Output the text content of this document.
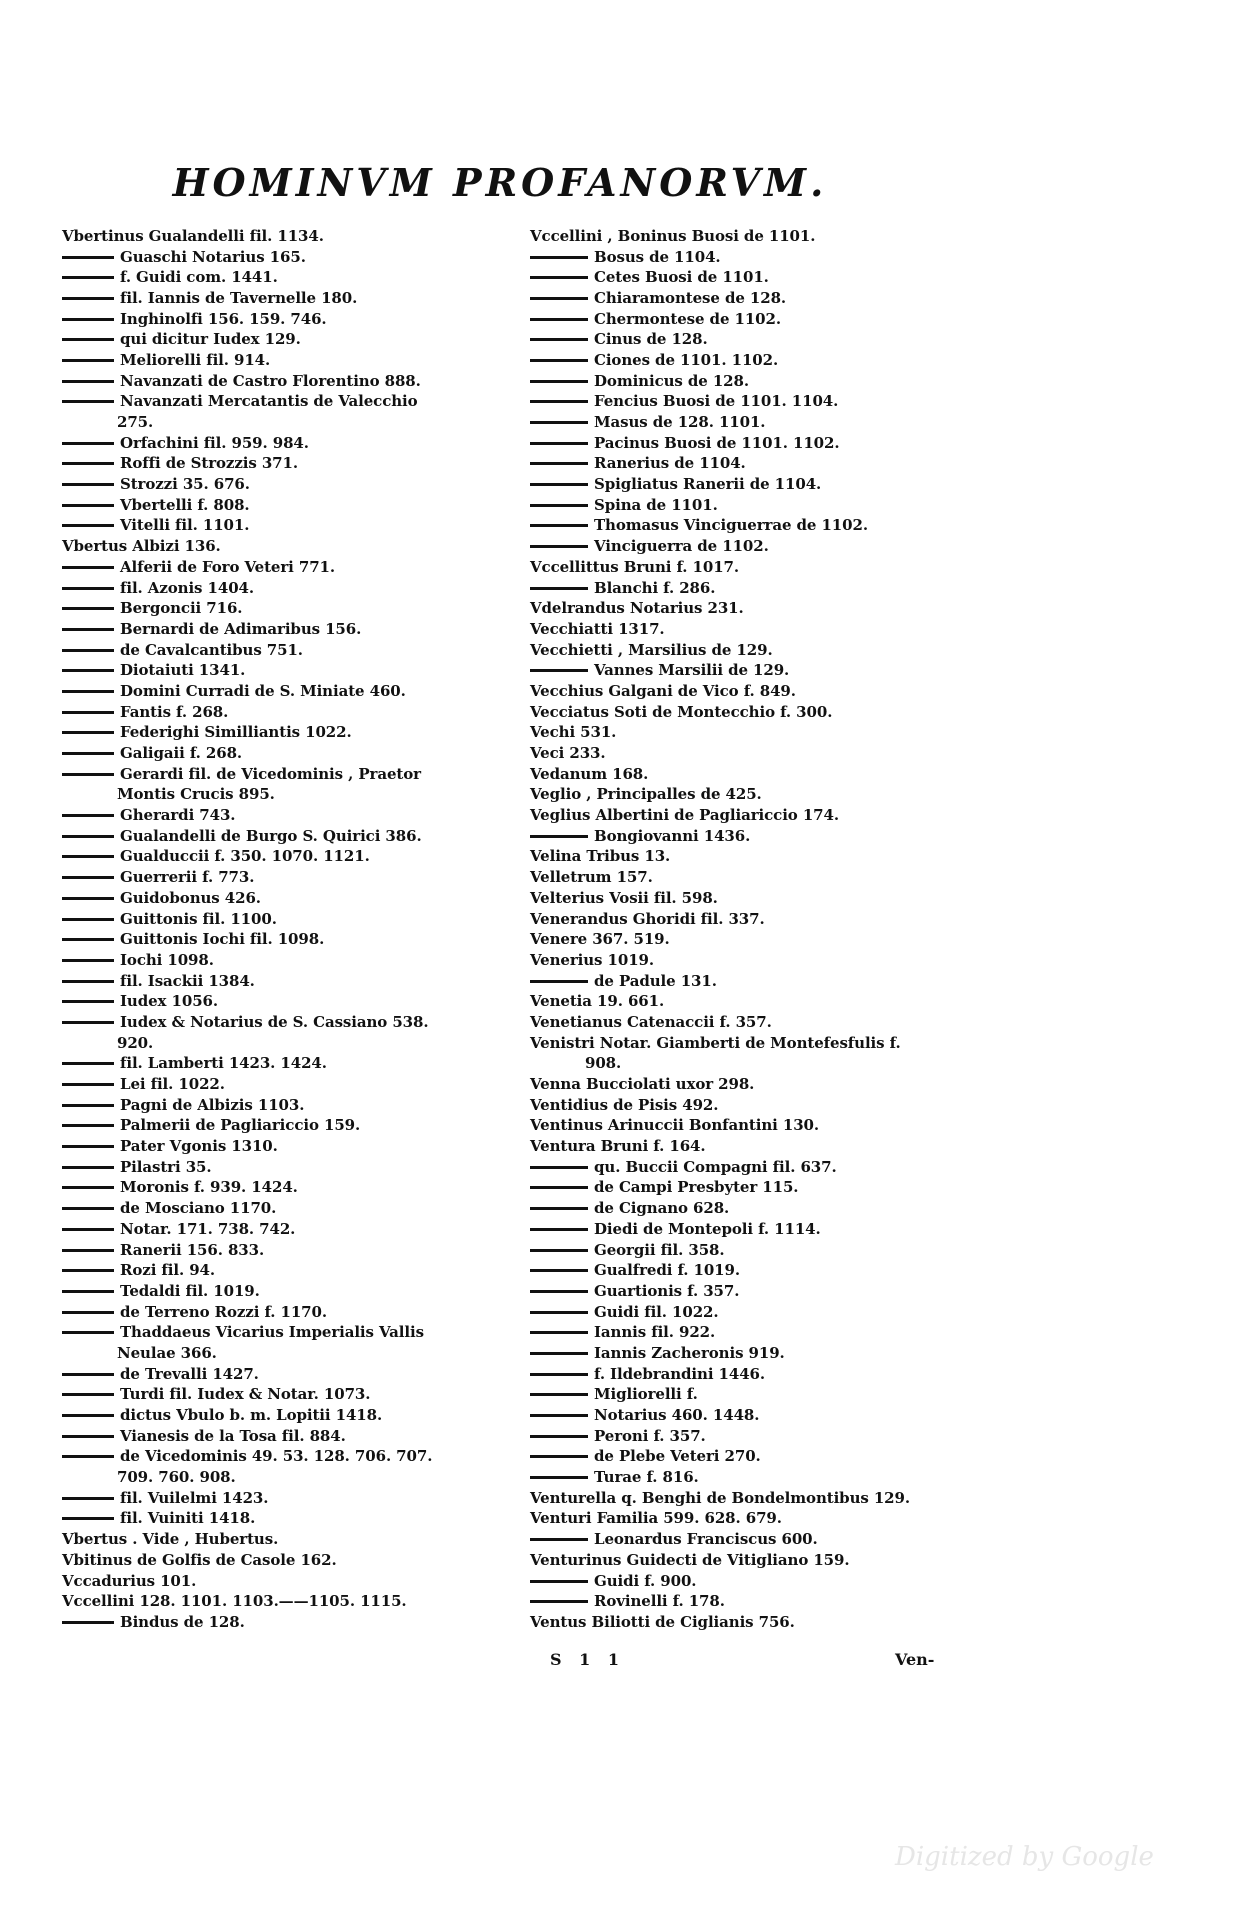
HOMINVM PROFANORVM.
Vbertinus Gualandelli fil. 1134.
Guaschi Notarius 165.
f. Guidi com. 1441.
fil. Iannis de Tavernelle 180.
Inghinolfi 156. 159. 746.
qui dicitur Iudex 129.
Meliorelli fil. 914.
Navanzati de Castro Florentino 888.
Navanzati Mercatantis de Valecchio
275.
Orfachini fil. 959. 984.
Roffi de Strozzis 371.
Strozzi 35. 676.
Vbertelli f. 808.
Vitelli fil. 1101.
Vbertus Albizi 136.
Alferii de Foro Veteri 771.
fil. Azonis 1404.
Bergoncii 716.
Bernardi de Adimaribus 156.
de Cavalcantibus 751.
Diotaiuti 1341.
Domini Curradi de S. Miniate 460.
Fantis f. 268.
Federighi Similliantis 1022.
Galigaii f. 268.
Gerardi fil. de Vicedominis , Praetor
Montis Crucis 895.
Gherardi 743.
Gualandelli de Burgo S. Quirici 386.
Gualduccii f. 350. 1070. 1121.
Guerrerii f. 773.
Guidobonus 426.
Guittonis fil. 1100.
Guittonis Iochi fil. 1098.
Iochi 1098.
fil. Isackii 1384.
Iudex 1056.
Iudex & Notarius de S. Cassiano 538.
920.
fil. Lamberti 1423. 1424.
Lei fil. 1022.
Pagni de Albizis 1103.
Palmerii de Pagliariccio 159.
Pater Vgonis 1310.
Pilastri 35.
Moronis f. 939. 1424.
de Mosciano 1170.
Notar. 171. 738. 742.
Ranerii 156. 833.
Rozi fil. 94.
Tedaldi fil. 1019.
de Terreno Rozzi f. 1170.
Thaddaeus Vicarius Imperialis Vallis
Neulae 366.
de Trevalli 1427.
Turdi fil. Iudex & Notar. 1073.
dictus Vbulo b. m. Lopitii 1418.
Vianesis de la Tosa fil. 884.
de Vicedominis 49. 53. 128. 706. 707.
709. 760. 908.
fil. Vuilelmi 1423.
fil. Vuiniti 1418.
Vbertus . Vide , Hubertus.
Vbitinus de Golfis de Casole 162.
Vccadurius 101.
Vccellini 128. 1101. 1103.——1105. 1115.
Bindus de 128.
Vccellini , Boninus Buosi de 1101.
Bosus de 1104.
Cetes Buosi de 1101.
Chiaramontese de 128.
Chermontese de 1102.
Cinus de 128.
Ciones de 1101. 1102.
Dominicus de 128.
Fencius Buosi de 1101. 1104.
Masus de 128. 1101.
Pacinus Buosi de 1101. 1102.
Ranerius de 1104.
Spigliatus Ranerii de 1104.
Spina de 1101.
Thomasus Vinciguerrae de 1102.
Vinciguerra de 1102.
Vccellittus Bruni f. 1017.
Blanchi f. 286.
Vdelrandus Notarius 231.
Vecchiatti 1317.
Vecchietti , Marsilius de 129.
Vannes Marsilii de 129.
Vecchius Galgani de Vico f. 849.
Vecciatus Soti de Montecchio f. 300.
Vechi 531.
Veci 233.
Vedanum 168.
Veglio , Principalles de 425.
Veglius Albertini de Pagliariccio 174.
Bongiovanni 1436.
Velina Tribus 13.
Velletrum 157.
Velterius Vosii fil. 598.
Venerandus Ghoridi fil. 337.
Venere 367. 519.
Venerius 1019.
de Padule 131.
Venetia 19. 661.
Venetianus Catenaccii f. 357.
Venistri Notar. Giamberti de Montefesfulis f.
908.
Venna Bucciolati uxor 298.
Ventidius de Pisis 492.
Ventinus Arinuccii Bonfantini 130.
Ventura Bruni f. 164.
qu. Buccii Compagni fil. 637.
de Campi Presbyter 115.
de Cignano 628.
Diedi de Montepoli f. 1114.
Georgii fil. 358.
Gualfredi f. 1019.
Guartionis f. 357.
Guidi fil. 1022.
Iannis fil. 922.
Iannis Zacheronis 919.
f. Ildebrandini 1446.
Migliorelli f.
Notarius 460. 1448.
Peroni f. 357.
de Plebe Veteri 270.
Turae f. 816.
Venturella q. Benghi de Bondelmontibus 129.
Venturi Familia 599. 628. 679.
Leonardus Franciscus 600.
Venturinus Guidecti de Vitigliano 159.
Guidi f. 900.
Rovinelli f. 178.
Ventus Biliotti de Ciglianis 756.
S 1 1	Ven-
Digitized by Google
